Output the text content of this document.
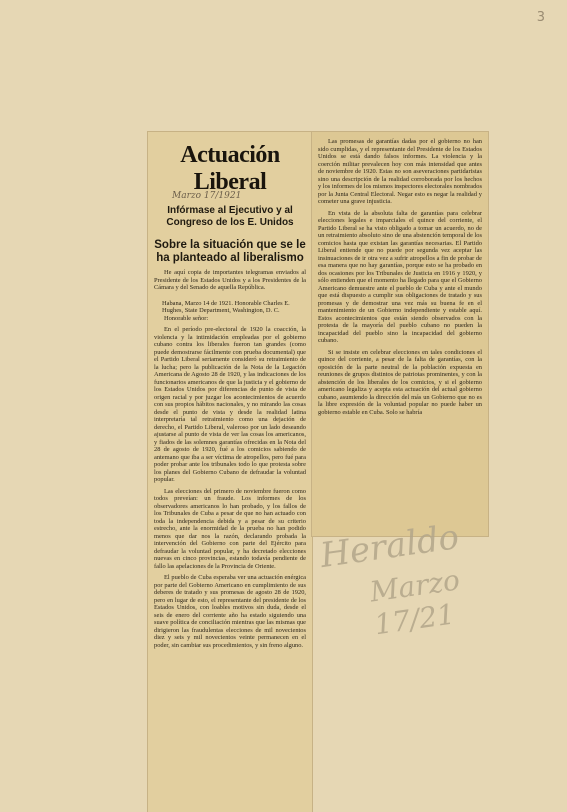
3
Actuación Liberal
Marzo 17/1921
Infórmase al Ejecutivo y al Congreso de los E. Unidos
Sobre la situación que se le ha planteado al liberalismo

He aquí copia de importantes telegramas enviados al Presidente de los Estados Unidos y a los Presidentes de la Cámara y del Senado de aquella República.

Habana, Marzo 14 de 1921. Honorable Charles E. Hughes, State Department, Washington, D. C.

Honorable señor:

En el período pre-electoral de 1920 la coacción, la violencia y la intimidación empleadas por el gobierno cubano contra los liberales fueron tan grandes (como puede demostrarse fácilmente con prueba documental) que el Partido Liberal seriamente consideró su retraimiento de la lucha; pero la publicación de la Nota de la Legación Americana de Agosto 28 de 1920, y las indicaciones de los funcionarios americanos de que la justicia y el gobierno de los Estados Unidos por diferencias de punto de vista de origen racial y por juzgar los acontecimientos de acuerdo con sus propios hábitos nacionales, y no mirando las cosas desde el punto de vista y desde la realidad latina interpretaría tal retraimiento como una dejación de derecho, el Partido Liberal, valeroso por un lado deseando ajustarse al punto de vista de ver las cosas los americanos, y fiados de las solemnes garantías ofrecidas en la Nota del 28 de agosto de 1920, fué a los comicios sabiendo de antemano que iba a ser víctima de atropellos, pero fué para poder probar ante los tribunales todo lo que protesta sobre los planes del Gobierno Cubano de defraudar la voluntad popular.

Las elecciones del primero de noviembre fueron como todos preveían: un fraude. Los informes de los observadores americanos lo han probado, y los fallos de los Tribunales de Cuba a pesar de que no han actuado con toda la independencia debida y a pesar de su criterio estrecho, ante la enormidad de la prueba no han podido menos que dar nos la razón, declarando probada la intervención del Gobierno con parte del Ejército para defraudar la voluntad popular, y ha decretado elecciones nuevas en cinco provincias, estando todavía pendiente de fallo las apelaciones de la Provincia de Oriente.

El pueblo de Cuba esperaba ver una actuación enérgica por parte del Gobierno Americano en cumplimiento de sus deberes de tratado y sus promesas de agosto 28 de 1920, pero en lugar de esto, el representante del presidente de los Estados Unidos, con loables motivos sin duda, desde el seis de enero del corriente año ha estado siguiendo una suave política de conciliación mientras que las mismas que dirigieron las fraudulentas elecciones de mil novecientos diez y seis y mil novecientos veinte permanecen en el poder, sin cambiar sus procedimientos, y sin freno alguno.

Las promesas de garantías dadas por el gobierno no han sido cumplidas, y el representante del Presidente de los Estados Unidos se está dando falsos informes. La violencia y la coerción militar prevalecen hoy con más intensidad que antes de noviembre de 1920. Estas no son aseveraciones partidaristas sino una descripción de la realidad corroborada por los hechos y los informes de los mismos inspectores electorales nombrados por la Junta Central Electoral. Negar esto es negar la realidad y cometer una grave injusticia.

En vista de la absoluta falta de garantías para celebrar elecciones legales e imparciales el quince del corriente, el Partido Liberal se ha visto obligado a tomar un acuerdo, no de un retraimiento absoluto sino de una abstención temporal de los comicios hasta que existan las garantías necesarias. El Partido Liberal entiende que no puede por segunda vez aceptar las insinuaciones de ir otra vez a sufrir atropellos a fin de probar de esa manera que no hay garantías, porque esto se ha probado en dos ocasiones por los Tribunales de Justicia en 1916 y 1920, y sólo entienden que el momento ha llegado para que el Gobierno Americano demuestre ante el pueblo de Cuba y ante el mundo que está dispuesto a cumplir sus obligaciones de tratado y sus promesas y de demostrar una vez más su buena fe en el mantenimiento de un Gobierno independiente y estable aquí. Estos acontecimientos que están siendo observados con la protesta de la mayoría del pueblo cubano no pueden la incapacidad del pueblo sino la incapacidad del gobierno cubano.

Si se insiste en celebrar elecciones en tales condiciones el quince del corriente, a pesar de la falta de garantías, con la oposición de la parte neutral de la población expuesta en reuniones de grupos distintos de patriotas prominentes, y con la abstención de los liberales de los comicios, y si el gobierno americano legaliza y acepta esta actuación del actual gobierno cubano, asumiendo la dirección del más un Gobierno que no es la libre expresión de la voluntad popular no puede haber un gobierno estable en Cuba. Solo se habría

Heraldo
Marzo 17/21
